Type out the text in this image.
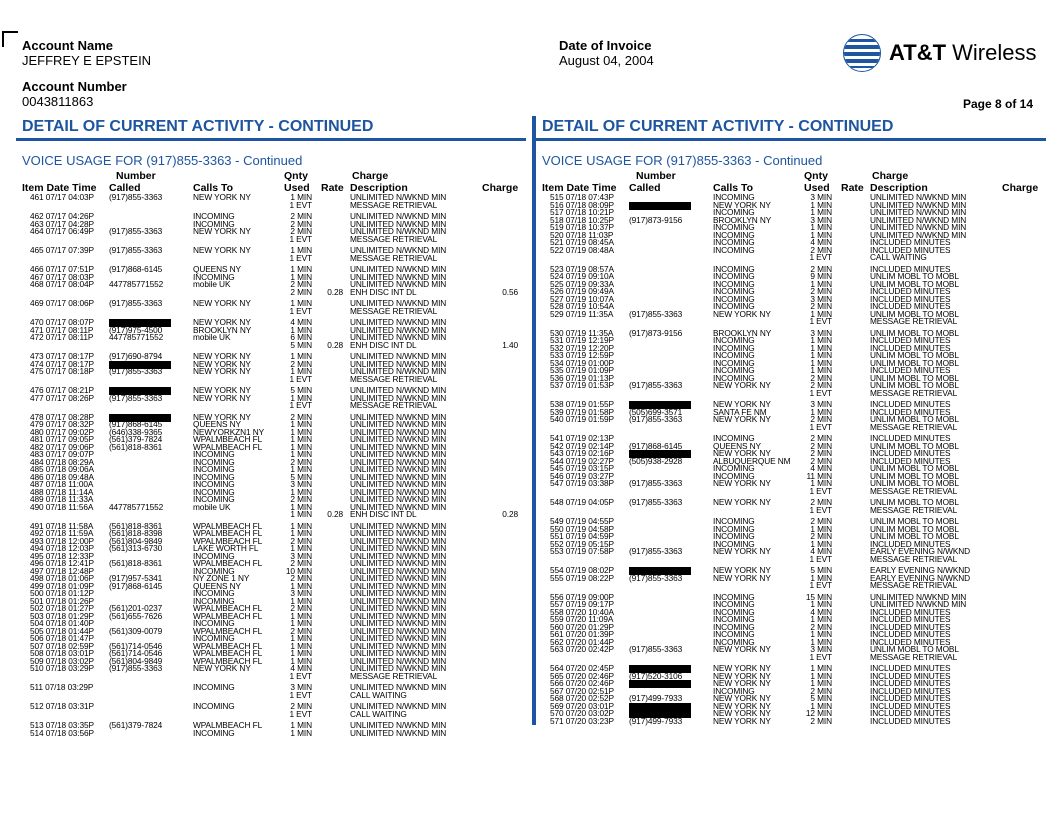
Account Name
JEFFREY E EPSTEIN
Account Number
0043811863
Date of Invoice
August 04, 2004	AT&T Wireless
Page 8 of 14
DETAIL OF CURRENT ACTIVITY - CONTINUED
VOICE USAGE FOR (917)855-3363 - Continued
Number	Qnty	Charge
Item Date Time Called	Calls To	Used Rate Description	Charge
461 07/17 04:03P (917)855-3363	NEW YORK NY	1 MIN	UNLIMITED N/WKND MIN
1 EVT	MESSAGE RETRIEVAL
462 07/17 04:26P	INCOMING	2 MIN	UNLIMITED N/WKND MIN
463 07/17 04:28P	INCOMING	2 MIN	UNLIMITED N/WKND MIN
464 07/17 06:49P (917)855-3363	NEW YORK NY	2 MIN	UNLIMITED N/WKND MIN
1 EVT	MESSAGE RETRIEVAL
465 07/17 07:39P (917)855-3363	NEW YORK NY	1 MIN	UNLIMITED N/WKND MIN
1 EVT	MESSAGE RETRIEVAL
466 07/17 07:51P (917)868-6145	QUEENS NY	1 MIN	UNLIMITED N/WKND MIN
467 07/17 08:03P	INCOMING	1 MIN	UNLIMITED N/WKND MIN
468 07/17 08:04P 447785771552	mobile UK	2 MIN	UNLIMITED N/WKND MIN
2 MIN	0.28 ENH DISC INT DL	0.56
469 07/17 08:06P (917)855-3363	NEW YORK NY	1 MIN	UNLIMITED N/WKND MIN
1 EVT	MESSAGE RETRIEVAL
470 07/17 08:07P	NEW YORK NY	4 MIN	UNLIMITED N/WKND MIN
471 07/17 08:11P (917)975-4500	BROOKLYN NY	1 MIN	UNLIMITED N/WKND MIN
472 07/17 08:11P 447785771552	mobile UK	6 MIN	UNLIMITED N/WKND MIN
5 MIN	0.28 ENH DISC INT DL	1.40
473 07/17 08:17P (917)690-8794	NEW YORK NY	1 MIN	UNLIMITED N/WKND MIN
474 07/17 08:17P	NEW YORK NY	2 MIN	UNLIMITED N/WKND MIN
475 07/17 08:18P (917)855-3363	NEW YORK NY	1 MIN	UNLIMITED N/WKND MIN
1 EVT	MESSAGE RETRIEVAL
476 07/17 08:21P	NEW YORK NY	5 MIN	UNLIMITED N/WKND MIN
477 07/17 08:26P (917)855-3363	NEW YORK NY	1 MIN	UNLIMITED N/WKND MIN
1 EVT	MESSAGE RETRIEVAL
478 07/17 08:28P	NEW YORK NY	2 MIN	UNLIMITED N/WKND MIN
479 07/17 08:32P (917)868-6145	QUEENS NY	1 MIN	UNLIMITED N/WKND MIN
480 07/17 09:02P (646)338-9365	NEWYORKZN1 NY	1 MIN	UNLIMITED N/WKND MIN
481 07/17 09:05P (561)379-7824	WPALMBEACH FL	1 MIN	UNLIMITED N/WKND MIN
482 07/17 09:06P (561)818-8361	WPALMBEACH FL	1 MIN	UNLIMITED N/WKND MIN
483 07/17 09:07P	INCOMING	1 MIN	UNLIMITED N/WKND MIN
484 07/18 08:29A	INCOMING	2 MIN	UNLIMITED N/WKND MIN
485 07/18 09:06A	INCOMING	1 MIN	UNLIMITED N/WKND MIN
486 07/18 09:48A	INCOMING	5 MIN	UNLIMITED N/WKND MIN
487 07/18 11:00A	INCOMING	3 MIN	UNLIMITED N/WKND MIN
488 07/18 11:14A	INCOMING	1 MIN	UNLIMITED N/WKND MIN
489 07/18 11:33A	INCOMING	2 MIN	UNLIMITED N/WKND MIN
490 07/18 11:56A 447785771552	mobile UK	1 MIN	UNLIMITED N/WKND MIN
1 MIN	0.28 ENH DISC INT DL	0.28
491 07/18 11:58A (561)818-8361	WPALMBEACH FL	1 MIN	UNLIMITED N/WKND MIN
492 07/18 11:59A (561)818-8398	WPALMBEACH FL	1 MIN	UNLIMITED N/WKND MIN
493 07/18 12:00P (561)804-9849	WPALMBEACH FL	2 MIN	UNLIMITED N/WKND MIN
494 07/18 12:03P (561)313-6730	LAKE WORTH FL	1 MIN	UNLIMITED N/WKND MIN
495 07/18 12:33P	INCOMING	3 MIN	UNLIMITED N/WKND MIN
496 07/18 12:41P (561)818-8361	WPALMBEACH FL	2 MIN	UNLIMITED N/WKND MIN
497 07/18 12:48P	INCOMING	10 MIN	UNLIMITED N/WKND MIN
498 07/18 01:06P (917)957-5341	NY ZONE 1 NY	2 MIN	UNLIMITED N/WKND MIN
499 07/18 01:09P (917)868-6145	QUEENS NY	1 MIN	UNLIMITED N/WKND MIN
500 07/18 01:12P	INCOMING	3 MIN	UNLIMITED N/WKND MIN
501 07/18 01:26P	INCOMING	1 MIN	UNLIMITED N/WKND MIN
502 07/18 01:27P (561)201-0237	WPALMBEACH FL	2 MIN	UNLIMITED N/WKND MIN
503 07/18 01:29P (561)655-7626	WPALMBEACH FL	1 MIN	UNLIMITED N/WKND MIN
504 07/18 01:40P	INCOMING	1 MIN	UNLIMITED N/WKND MIN
505 07/18 01:44P (561)309-0079	WPALMBEACH FL	2 MIN	UNLIMITED N/WKND MIN
506 07/18 01:47P	INCOMING	1 MIN	UNLIMITED N/WKND MIN
507 07/18 02:59P (561)714-0546	WPALMBEACH FL	1 MIN	UNLIMITED N/WKND MIN
508 07/18 03:01P (561)714-0546	WPALMBEACH FL	1 MIN	UNLIMITED N/WKND MIN
509 07/18 03:02P (561)804-9849	WPALMBEACH FL	1 MIN	UNLIMITED N/WKND MIN
510 07/18 03:29P (917)855-3363	NEW YORK NY	4 MIN	UNLIMITED N/WKND MIN
1 EVT	MESSAGE RETRIEVAL
511 07/18 03:29P	INCOMING	3 MIN	UNLIMITED N/WKND MIN
1 EVT	CALL WAITING
512 07/18 03:31P	INCOMING	2 MIN	UNLIMITED N/WKND MIN
1 EVT	CALL WAITING
513 07/18 03:35P (561)379-7824	WPALMBEACH FL	1 MIN	UNLIMITED N/WKND MIN
514 07/18 03:56P	INCOMING	1 MIN	UNLIMITED N/WKND MIN
DETAIL OF CURRENT ACTIVITY - CONTINUED
VOICE USAGE FOR (917)855-3363 - Continued
Number	Qnty	Charge
Item Date Time Called	Calls To	Used Rate Description	Charge
515 07/18 07:43P	INCOMING	3 MIN	UNLIMITED N/WKND MIN
516 07/18 08:09P	NEW YORK NY	1 MIN	UNLIMITED N/WKND MIN
517 07/18 10:21P	INCOMING	1 MIN	UNLIMITED N/WKND MIN
518 07/18 10:25P (917)873-9156	BROOKLYN NY	3 MIN	UNLIMITED N/WKND MIN
519 07/18 10:37P	INCOMING	1 MIN	UNLIMITED N/WKND MIN
520 07/18 11:03P	INCOMING	1 MIN	UNLIMITED N/WKND MIN
521 07/19 08:45A	INCOMING	4 MIN	INCLUDED MINUTES
522 07/19 08:48A	INCOMING	2 MIN	INCLUDED MINUTES
1 EVT	CALL WAITING
523 07/19 08:57A	INCOMING	2 MIN	INCLUDED MINUTES
524 07/19 09:10A	INCOMING	9 MIN	UNLIM MOBL TO MOBL
525 07/19 09:33A	INCOMING	1 MIN	UNLIM MOBL TO MOBL
526 07/19 09:49A	INCOMING	2 MIN	INCLUDED MINUTES
527 07/19 10:07A	INCOMING	3 MIN	INCLUDED MINUTES
528 07/19 10:54A	INCOMING	2 MIN	INCLUDED MINUTES
529 07/19 11:35A (917)855-3363	NEW YORK NY	1 MIN	UNLIM MOBL TO MOBL
1 EVT	MESSAGE RETRIEVAL
530 07/19 11:35A (917)873-9156	BROOKLYN NY	3 MIN	UNLIM MOBL TO MOBL
531 07/19 12:19P	INCOMING	1 MIN	INCLUDED MINUTES
532 07/19 12:20P	INCOMING	1 MIN	INCLUDED MINUTES
533 07/19 12:59P	INCOMING	1 MIN	UNLIM MOBL TO MOBL
534 07/19 01:00P	INCOMING	1 MIN	UNLIM MOBL TO MOBL
535 07/19 01:09P	INCOMING	1 MIN	INCLUDED MINUTES
536 07/19 01:13P	INCOMING	2 MIN	UNLIM MOBL TO MOBL
537 07/19 01:53P (917)855-3363	NEW YORK NY	2 MIN	UNLIM MOBL TO MOBL
1 EVT	MESSAGE RETRIEVAL
538 07/19 01:55P	NEW YORK NY	3 MIN	INCLUDED MINUTES
539 07/19 01:58P (505)699-3571	SANTA FE NM	1 MIN	INCLUDED MINUTES
540 07/19 01:59P (917)855-3363	NEW YORK NY	2 MIN	UNLIM MOBL TO MOBL
1 EVT	MESSAGE RETRIEVAL
541 07/19 02:13P	INCOMING	2 MIN	INCLUDED MINUTES
542 07/19 02:14P (917)868-6145	QUEENS NY	2 MIN	UNLIM MOBL TO MOBL
543 07/19 02:16P	NEW YORK NY	2 MIN	INCLUDED MINUTES
544 07/19 02:27P (505)938-2928	ALBUQUERQUE NM	2 MIN	INCLUDED MINUTES
545 07/19 03:15P	INCOMING	4 MIN	UNLIM MOBL TO MOBL
546 07/19 03:27P	INCOMING	11 MIN	UNLIM MOBL TO MOBL
547 07/19 03:38P (917)855-3363	NEW YORK NY	1 MIN	UNLIM MOBL TO MOBL
1 EVT	MESSAGE RETRIEVAL
548 07/19 04:05P (917)855-3363	NEW YORK NY	2 MIN	UNLIM MOBL TO MOBL
1 EVT	MESSAGE RETRIEVAL
549 07/19 04:55P	INCOMING	2 MIN	UNLIM MOBL TO MOBL
550 07/19 04:58P	INCOMING	1 MIN	UNLIM MOBL TO MOBL
551 07/19 04:59P	INCOMING	2 MIN	UNLIM MOBL TO MOBL
552 07/19 05:15P	INCOMING	1 MIN	INCLUDED MINUTES
553 07/19 07:58P (917)855-3363	NEW YORK NY	4 MIN	EARLY EVENING N/WKND
1 EVT	MESSAGE RETRIEVAL
554 07/19 08:02P	NEW YORK NY	5 MIN	EARLY EVENING N/WKND
555 07/19 08:22P (917)855-3363	NEW YORK NY	1 MIN	EARLY EVENING N/WKND
1 EVT	MESSAGE RETRIEVAL
556 07/19 09:00P	INCOMING	15 MIN	UNLIMITED N/WKND MIN
557 07/19 09:17P	INCOMING	1 MIN	UNLIMITED N/WKND MIN
558 07/20 10:40A	INCOMING	4 MIN	INCLUDED MINUTES
559 07/20 11:09A	INCOMING	1 MIN	INCLUDED MINUTES
560 07/20 01:29P	INCOMING	2 MIN	INCLUDED MINUTES
561 07/20 01:39P	INCOMING	1 MIN	INCLUDED MINUTES
562 07/20 01:44P	INCOMING	1 MIN	INCLUDED MINUTES
563 07/20 02:42P (917)855-3363	NEW YORK NY	3 MIN	UNLIM MOBL TO MOBL
1 EVT	MESSAGE RETRIEVAL
564 07/20 02:45P	NEW YORK NY	1 MIN	INCLUDED MINUTES
565 07/20 02:46P (917)520-3106	NEW YORK NY	1 MIN	INCLUDED MINUTES
566 07/20 02:46P	NEW YORK NY	1 MIN	INCLUDED MINUTES
567 07/20 02:51P	INCOMING	2 MIN	INCLUDED MINUTES
568 07/20 02:52P (917)499-7933	NEW YORK NY	5 MIN	INCLUDED MINUTES
569 07/20 03:01P	NEW YORK NY	1 MIN	INCLUDED MINUTES
570 07/20 03:02P	NEW YORK NY	12 MIN	INCLUDED MINUTES
571 07/20 03:23P (917)499-7933	NEW YORK NY	2 MIN	INCLUDED MINUTES
